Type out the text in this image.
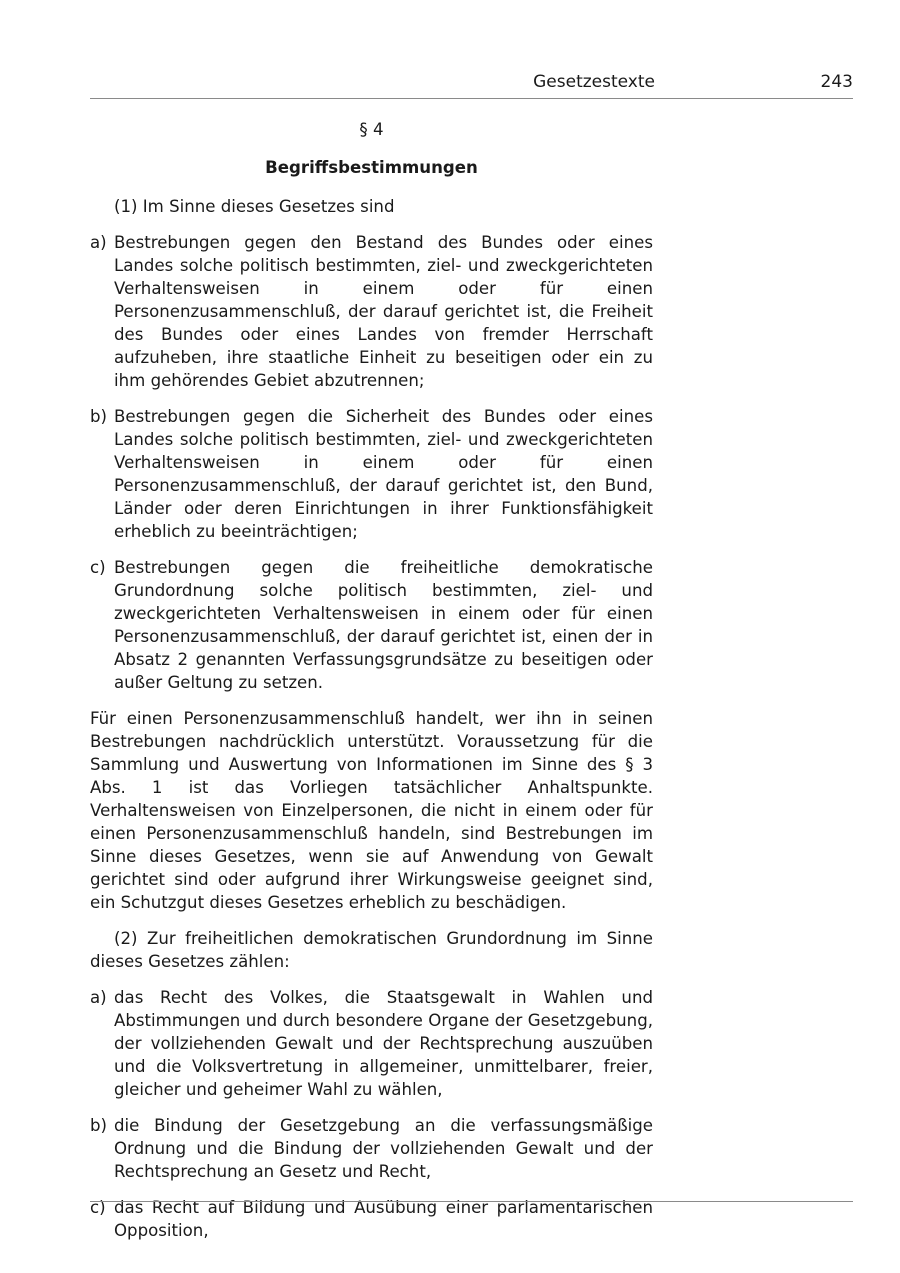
Gesetzestexte	243
§ 4
Begriffsbestimmungen
(1) Im Sinne dieses Gesetzes sind
a) Bestrebungen gegen den Bestand des Bundes oder eines Landes solche politisch bestimmten, ziel- und zweckgerichteten Verhaltensweisen in einem oder für einen Personenzusammenschluß, der darauf gerichtet ist, die Freiheit des Bundes oder eines Landes von fremder Herrschaft aufzuheben, ihre staatliche Einheit zu beseitigen oder ein zu ihm gehörendes Gebiet abzutrennen;
b) Bestrebungen gegen die Sicherheit des Bundes oder eines Landes solche politisch bestimmten, ziel- und zweckgerichteten Verhaltensweisen in einem oder für einen Personenzusammenschluß, der darauf gerichtet ist, den Bund, Länder oder deren Einrichtungen in ihrer Funktionsfähigkeit erheblich zu beeinträchtigen;
c) Bestrebungen gegen die freiheitliche demokratische Grundordnung solche politisch bestimmten, ziel- und zweckgerichteten Verhaltensweisen in einem oder für einen Personenzusammenschluß, der darauf gerichtet ist, einen der in Absatz 2 genannten Verfassungsgrundsätze zu beseitigen oder außer Geltung zu setzen.
Für einen Personenzusammenschluß handelt, wer ihn in seinen Bestrebungen nachdrücklich unterstützt. Voraussetzung für die Sammlung und Auswertung von Informationen im Sinne des § 3 Abs. 1 ist das Vorliegen tatsächlicher Anhaltspunkte. Verhaltensweisen von Einzelpersonen, die nicht in einem oder für einen Personenzusammenschluß handeln, sind Bestrebungen im Sinne dieses Gesetzes, wenn sie auf Anwendung von Gewalt gerichtet sind oder aufgrund ihrer Wirkungsweise geeignet sind, ein Schutzgut dieses Gesetzes erheblich zu beschädigen.
(2) Zur freiheitlichen demokratischen Grundordnung im Sinne dieses Gesetzes zählen:
a) das Recht des Volkes, die Staatsgewalt in Wahlen und Abstimmungen und durch besondere Organe der Gesetzgebung, der vollziehenden Gewalt und der Rechtsprechung auszuüben und die Volksvertretung in allgemeiner, unmittelbarer, freier, gleicher und geheimer Wahl zu wählen,
b) die Bindung der Gesetzgebung an die verfassungsmäßige Ordnung und die Bindung der vollziehenden Gewalt und der Rechtsprechung an Gesetz und Recht,
c) das Recht auf Bildung und Ausübung einer parlamentarischen Opposition,
